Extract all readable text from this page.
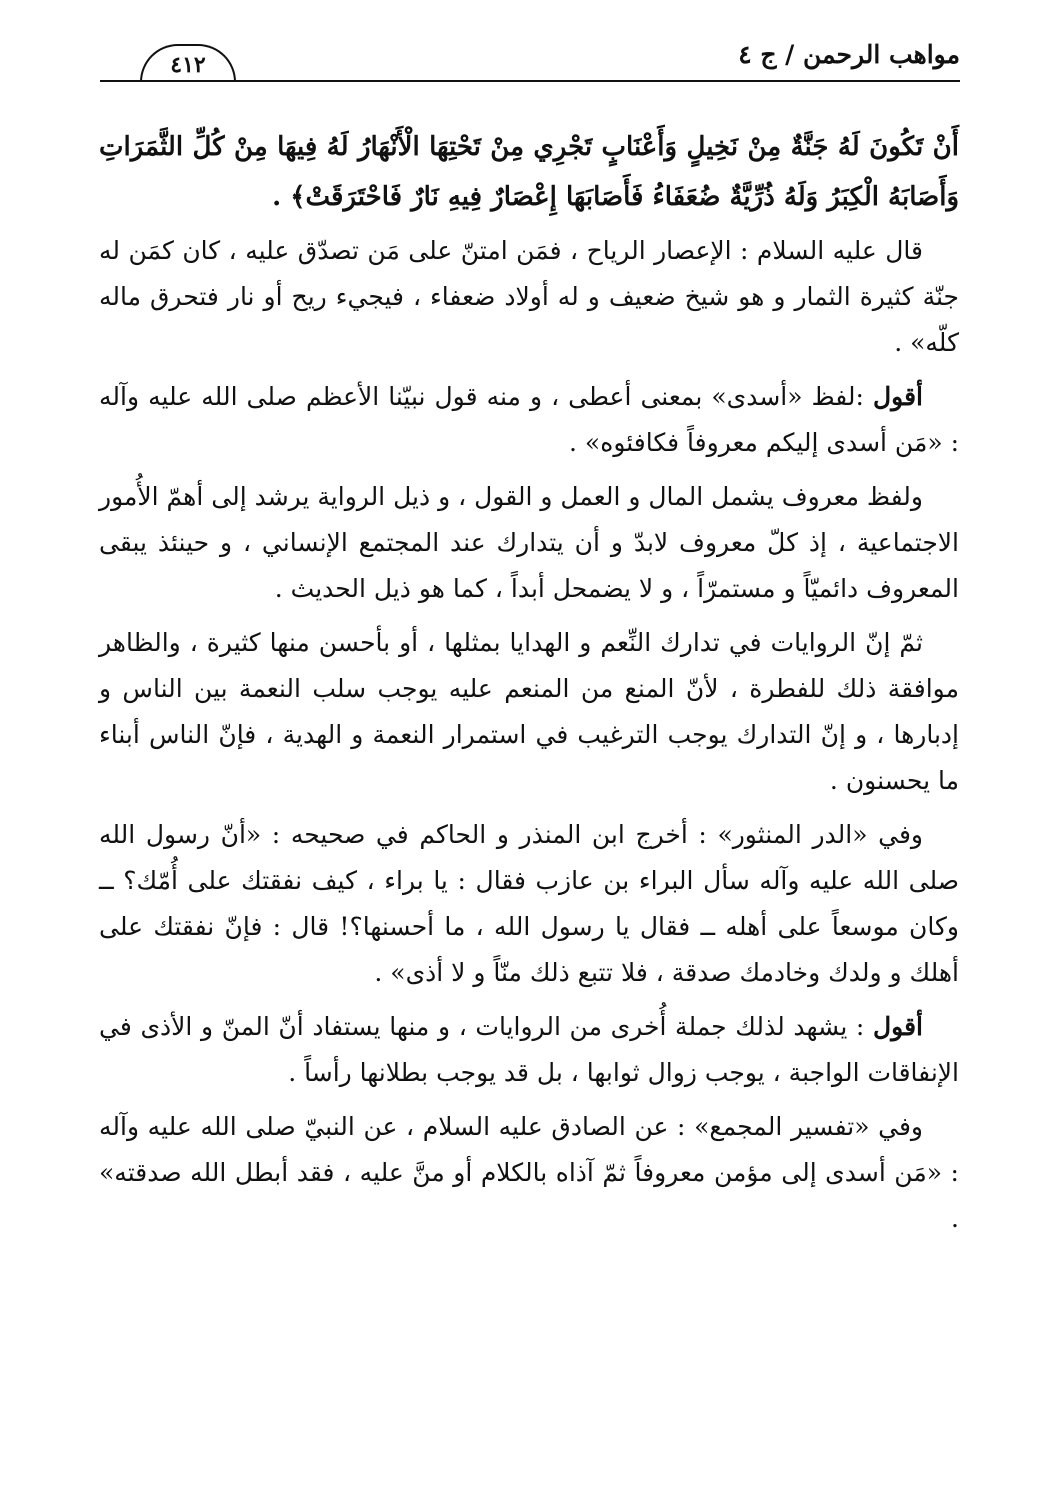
مواهب الرحمن / ج ٤
٤١٢

أَنْ تَكُونَ لَهُ جَنَّةٌ مِنْ نَخِيلٍ وَأَعْنَابٍ تَجْرِي مِنْ تَحْتِهَا الْأَنْهَارُ لَهُ فِيهَا مِنْ كُلِّ الثَّمَرَاتِ وَأَصَابَهُ الْكِبَرُ وَلَهُ ذُرِّيَّةٌ ضُعَفَاءُ فَأَصَابَهَا إِعْصَارٌ فِيهِ نَارٌ فَاحْتَرَقَتْ﴾ .

قال عليه السلام : الإعصار الرياح ، فمَن امتنّ على مَن تصدّق عليه ، كان كمَن له جنّة كثيرة الثمار و هو شيخ ضعيف و له أولاد ضعفاء ، فيجيء ريح أو نار فتحرق ماله كلّه» .

أقول :لفظ «أسدى» بمعنى أعطى ، و منه قول نبيّنا الأعظم صلى الله عليه وآله : «مَن أسدى إليكم معروفاً فكافئوه» .

ولفظ معروف يشمل المال و العمل و القول ، و ذيل الرواية يرشد إلى أهمّ الأُمور الاجتماعية ، إذ كلّ معروف لابدّ و أن يتدارك عند المجتمع الإنساني ، و حينئذ يبقى المعروف دائميّاً و مستمرّاً ، و لا يضمحل أبداً ، كما هو ذيل الحديث .

ثمّ إنّ الروايات في تدارك النِّعم و الهدايا بمثلها ، أو بأحسن منها كثيرة ، والظاهر موافقة ذلك للفطرة ، لأنّ المنع من المنعم عليه يوجب سلب النعمة بين الناس و إدبارها ، و إنّ التدارك يوجب الترغيب في استمرار النعمة و الهدية ، فإنّ الناس أبناء ما يحسنون .

وفي «الدر المنثور» : أخرج ابن المنذر و الحاكم في صحيحه : «أنّ رسول الله صلى الله عليه وآله سأل البراء بن عازب فقال : يا براء ، كيف نفقتك على أُمّك؟ ــ وكان موسعاً على أهله ــ فقال يا رسول الله ، ما أحسنها؟! قال : فإنّ نفقتك على أهلك و ولدك وخادمك صدقة ، فلا تتبع ذلك منّاً و لا أذى» .

أقول : يشهد لذلك جملة أُخرى من الروايات ، و منها يستفاد أنّ المنّ و الأذى في الإنفاقات الواجبة ، يوجب زوال ثوابها ، بل قد يوجب بطلانها رأساً .

وفي «تفسير المجمع» : عن الصادق عليه السلام ، عن النبيّ صلى الله عليه وآله : «مَن أسدى إلى مؤمن معروفاً ثمّ آذاه بالكلام أو منَّ عليه ، فقد أبطل الله صدقته» .
